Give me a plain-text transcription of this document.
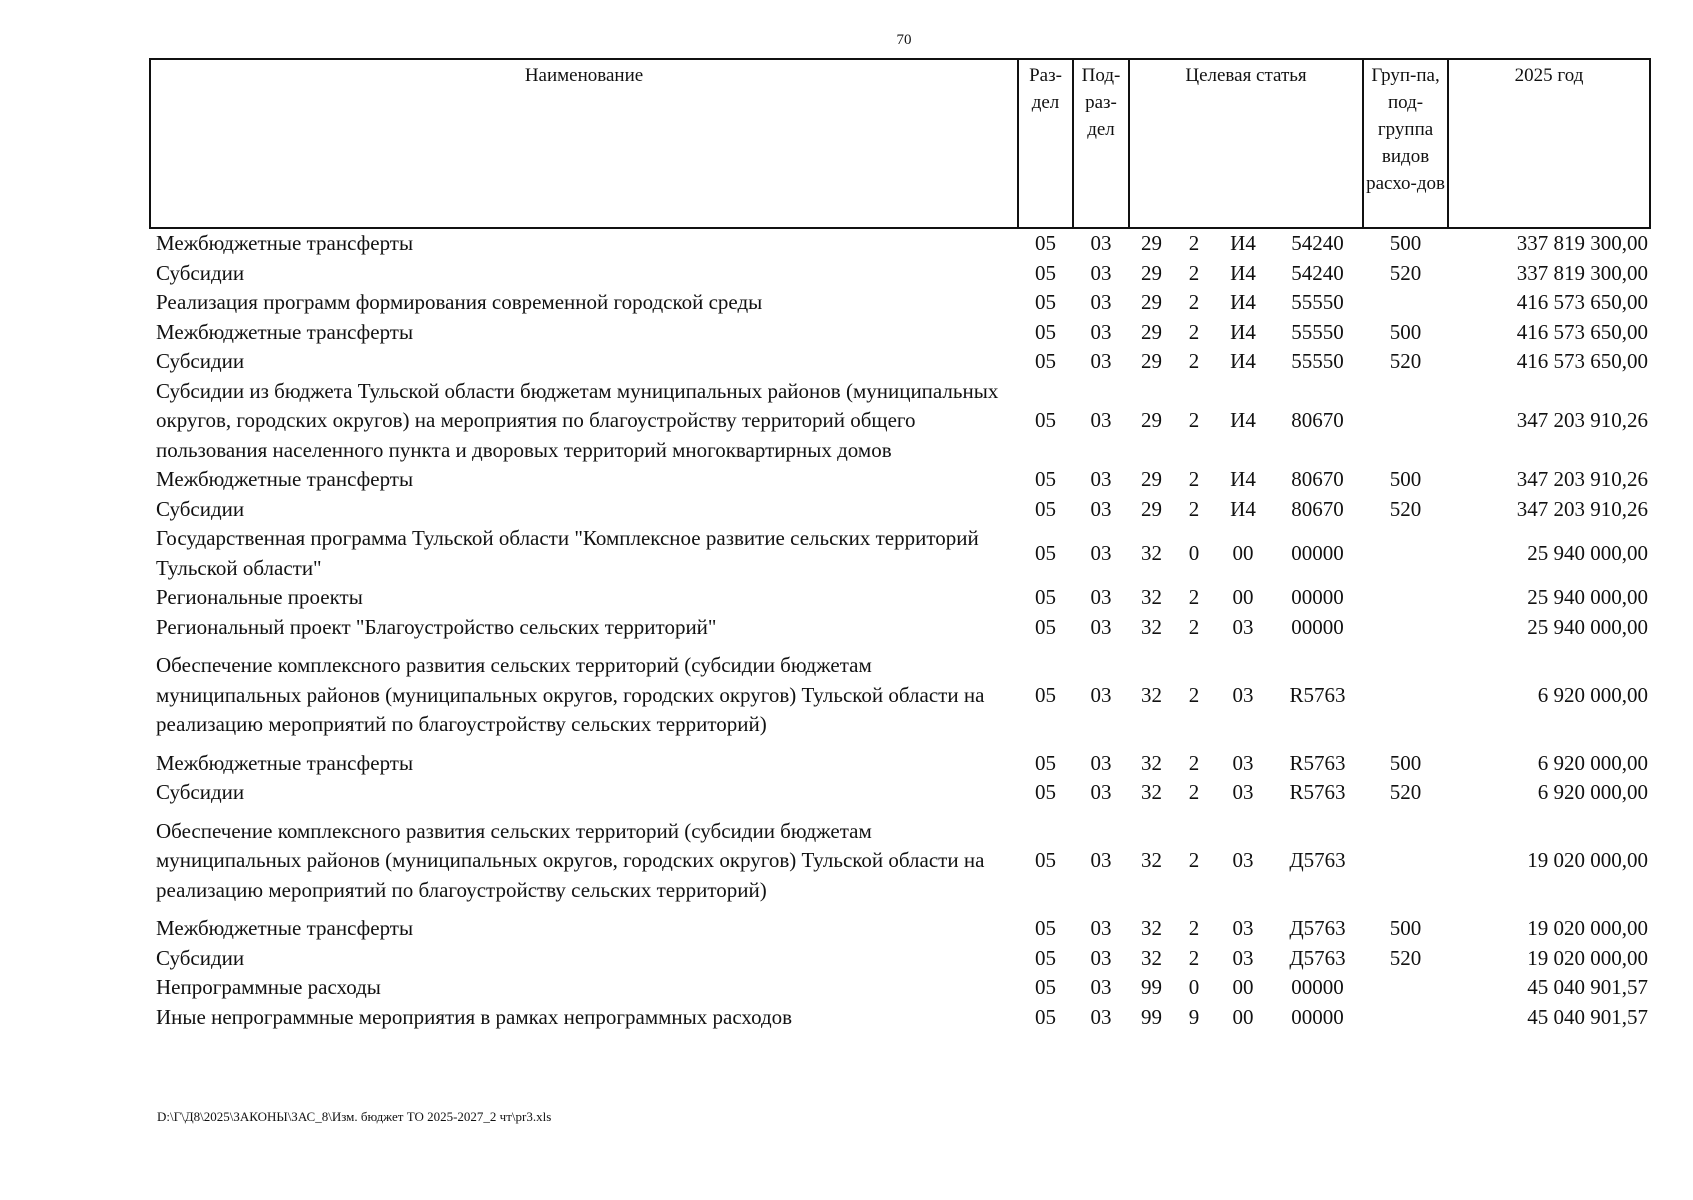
70
Наименование	Раз-дел	Под-раз-дел	Целевая статья				Груп-па, под-группа видов расхо-дов	2025 год
Межбюджетные трансферты	05	03	29	2	И4	54240	500	337 819 300,00
Субсидии	05	03	29	2	И4	54240	520	337 819 300,00
Реализация программ формирования современной городской среды	05	03	29	2	И4	55550		416 573 650,00
Межбюджетные трансферты	05	03	29	2	И4	55550	500	416 573 650,00
Субсидии	05	03	29	2	И4	55550	520	416 573 650,00
Субсидии из бюджета Тульской области бюджетам муниципальных районов (муниципальных округов, городских округов) на мероприятия по благоустройству территорий общего пользования населенного пункта и дворовых территорий многоквартирных домов	05	03	29	2	И4	80670		347 203 910,26
Межбюджетные трансферты	05	03	29	2	И4	80670	500	347 203 910,26
Субсидии	05	03	29	2	И4	80670	520	347 203 910,26
Государственная программа Тульской области "Комплексное развитие сельских территорий Тульской области"	05	03	32	0	00	00000		25 940 000,00
Региональные проекты	05	03	32	2	00	00000		25 940 000,00
Региональный проект "Благоустройство сельских территорий"	05	03	32	2	03	00000		25 940 000,00
Обеспечение комплексного развития сельских территорий (субсидии бюджетам муниципальных районов (муниципальных округов, городских округов) Тульской области на реализацию мероприятий по благоустройству сельских территорий)	05	03	32	2	03	R5763		6 920 000,00
Межбюджетные трансферты	05	03	32	2	03	R5763	500	6 920 000,00
Субсидии	05	03	32	2	03	R5763	520	6 920 000,00
Обеспечение комплексного развития сельских территорий (субсидии бюджетам муниципальных районов (муниципальных округов, городских округов) Тульской области на реализацию мероприятий по благоустройству сельских территорий)	05	03	32	2	03	Д5763		19 020 000,00
Межбюджетные трансферты	05	03	32	2	03	Д5763	500	19 020 000,00
Субсидии	05	03	32	2	03	Д5763	520	19 020 000,00
Непрограммные расходы	05	03	99	0	00	00000		45 040 901,57
Иные непрограммные мероприятия в рамках непрограммных расходов	05	03	99	9	00	00000		45 040 901,57
D:\Г\Д8\2025\ЗАКОНЫ\ЗАС_8\Изм. бюджет ТО 2025-2027_2 чт\pr3.xls
